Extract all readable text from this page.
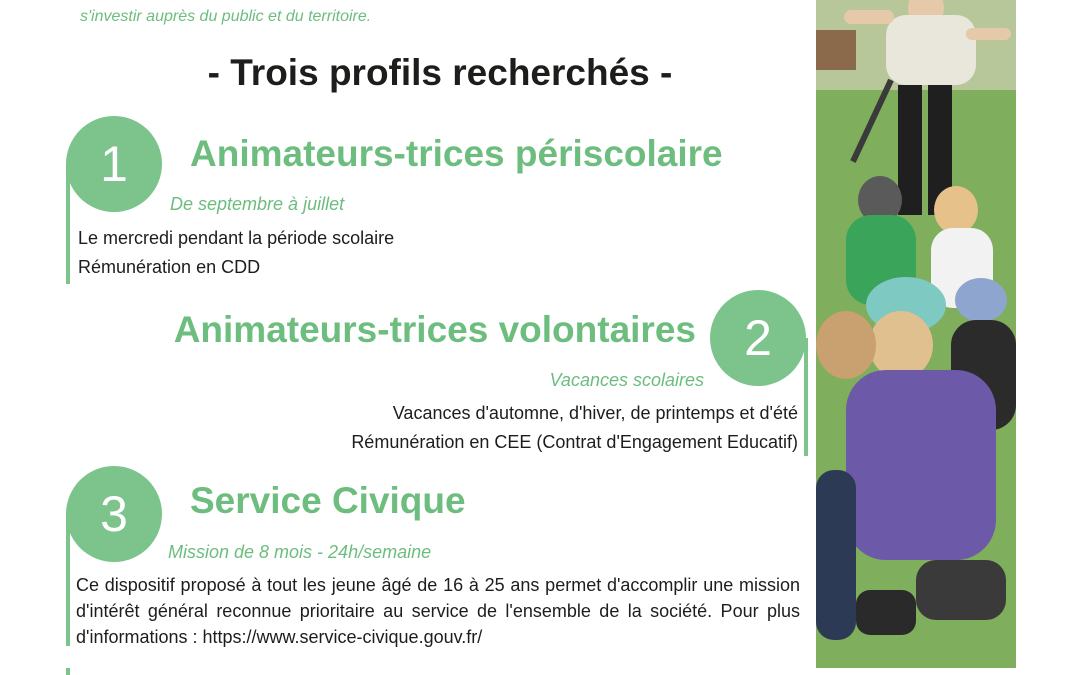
s'investir auprès du public et du territoire.
- Trois profils recherchés -
1	Animateurs-trices périscolaire
De septembre à juillet
Le mercredi pendant la période scolaire
Rémunération en CDD
2
Animateurs-trices volontaires
Vacances scolaires
Vacances d'automne, d'hiver, de printemps et d'été
Rémunération en CEE (Contrat d'Engagement Educatif)
3	Service Civique
Mission de 8 mois - 24h/semaine
Ce dispositif proposé à tout les jeune âgé de 16 à 25 ans permet d'accomplir une mission d'intérêt général reconnue prioritaire au service de l'ensemble de la société. Pour plus d'informations : https://www.service-civique.gouv.fr/
